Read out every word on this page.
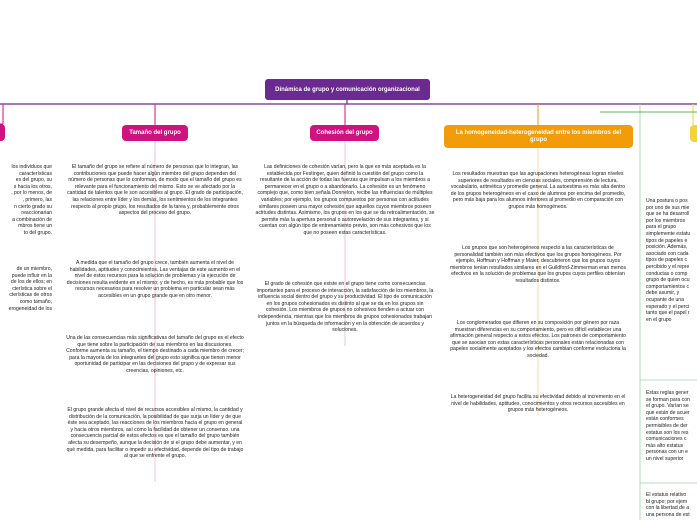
Dinámica de grupo y comunicación organizacional
los individuos que
características
es del grupo, su
s hacia los otros,
, por lo menos, de
, primero, las
n cierto grado su
reaccionarian
a combinación de
mbros tiene un
to del grupo.
de un miembro,
puede influir en la
de los de ellos; en
cterística sobre el
cterísticas de otros
como tamaño,
erogeneidad de los
Tamaño del grupo
El tamaño del grupo se refiere al número de personas que lo integran, las contribuciones que puede hacer algún miembro del grupo dependen del número de personas que lo conforman, de modo que el tamaño del grupo es relevante para el funcionamiento del mismo. Esto se ve afectado por la cantidad de talentos que le son accesibles al grupo. El grado de participación, las relaciones entre líder y los demás, los sentimientos de los integrantes respecto al propio grupo, los resultados de la tarea y, probablemente otros aspectos del proceso del grupo.
A medida que el tamaño del grupo crece, también aumenta el nivel de habilidades, aptitudes y conocimientos. Las ventajas de este aumento en el nivel de estos recursos para la solución de problemas y la ejecución de decisiones resulta evidente en el mismo; y de hecho, es más probable que los recursos necesarios para resolver un problema en particular sean más accesibles en un grupo grande que en otro menor.
Una de las consecuencias más significativas del tamaño del grupo es el efecto que tiene sobre la participación de sus miembros en las discusiones. Conforme aumenta su tamaño, el tiempo destinado a cada miembro de crecer; para la mayoría de los integrantes del grupo esto significa que tienen menor oportunidad de participar en las decisiones del grupo y de expresar sus creencias, opiniones, etc.
El grupo grande afecta el nivel de recursos accesibles al mismo, la cantidad y distribución de la comunicación, la posibilidad de que surja un líder y de que éste sea aceptado, las reacciones de los miembros hacia el grupo en general y hacia otros miembros, así como la facilidad de obtener un consenso. una consecuencia parcial de estos efectos es que el tamaño del grupo también afecta su desempeño, aunque la decisión de si el grupo debe aumentar, y en qué medida, para facilitar o impedir su efectividad, depende del tipo de trabajo al que se enfrente el grupo.
Cohesión del grupo
Las definiciones de cohesión varían, pero la que es más aceptada es la establecida por Festinger, quien definió la cuestión del grupo como la resultante de la acción de todas las fuerzas que impulsan a los miembros a permanecer en el grupo o a abandonarlo. La cohesión es un fenómeno complejo que, como bien señala Donnelon, recibe las influencias de múltiples variables; por ejemplo, los grupos compuestos por personas con actitudes similares poseen una mayor cohesión que aquellos cuyos miembros poseen actitudes distintas. Asimismo, los grupos en los que se da retroalimentación, se permite más la apertura personal o autorevelación de sus integrantes, y si cuentan con algún tipo de entrenamiento previo, son más cohesivos que los que no poseen estas características.
El grado de cohesión que existe en el grupo tiene como consecuencias importantes para el proceso de interacción, la satisfacción de los miembros, la influencia social dentro del grupo y su productividad. El tipo de comunicación en los grupos cohesionados es distinto al que se da en los grupos sin cohesión. Los miembros de grupos no cohesivos tienden a actuar con independencia, mientras que los miembros de grupos cohesionados trabajan juntos en la búsqueda de información y en la obtención de acuerdos y soluciones.
La homogeneidad-heterogeneidad entre los miembros del grupo
Los resultados muestran que las agrupaciones heterogéneas logran niveles superiores de resultados en ciencias sociales, comprensión de lectura, vocabulario, aritmética y promedio general. La autoestima es más alta dentro de los grupos heterogéneos en el caso de alumnos por encima del promedio, pero más baja para los alumnos inferiores al promedio en comparación con grupos más homogéneos.
Los grupos que son heterogéneos respecto a las características de personalidad también son más efectivos que los grupos homogéneos. Por ejemplo, Hoffman y Hoffman y Maier, descubrieron que los grupos cuyos miembros tenían resultados similares en el Guildford-Zimmerman eran menos efectivos en la solución de problemas que los grupos cuyos perfiles obtenían resultados distintos.
Los conglomerados que difieren en su composición por género por raza muestran diferencias en su comportamiento, pero es difícil establecer una afirmación general respecto a estos efectos. Los patrones de comportamiento que se asocian con estas características personales están relacionadas con papeles socialmente aceptados y los efectos cambian conforme evoluciona la sociedad.
La heterogeneidad del grupo facilita su efectividad debido al incremento en el nivel de habilidades, aptitudes, conocimientos y otros recursos accesibles en grupos más heterogéneos.
Una postura o pos
por uno de sus mie
que se ha desarroll
por los miembros
para el grupo
simplemente estatu
tipos de papeles e
posición. Además,
asociado con cada
tipos de papeles c
percibido y el repre
conductas o comp
grupo de quien ocu
comportamientos c
debe asumir, y
ocupante de una
esperado y el perci
tanto que el papel r
en el grupo
Estas reglas gener
se forman para con
el grupo. Varían se
que están de acuer
están conformes
permisibles de der
estatus son los res
comunicaciones c
más alto estatus
personas con un e
un nivel superior
El estatus relativo
bl grupo; por ejem
con la libertad de a
una persona de est
